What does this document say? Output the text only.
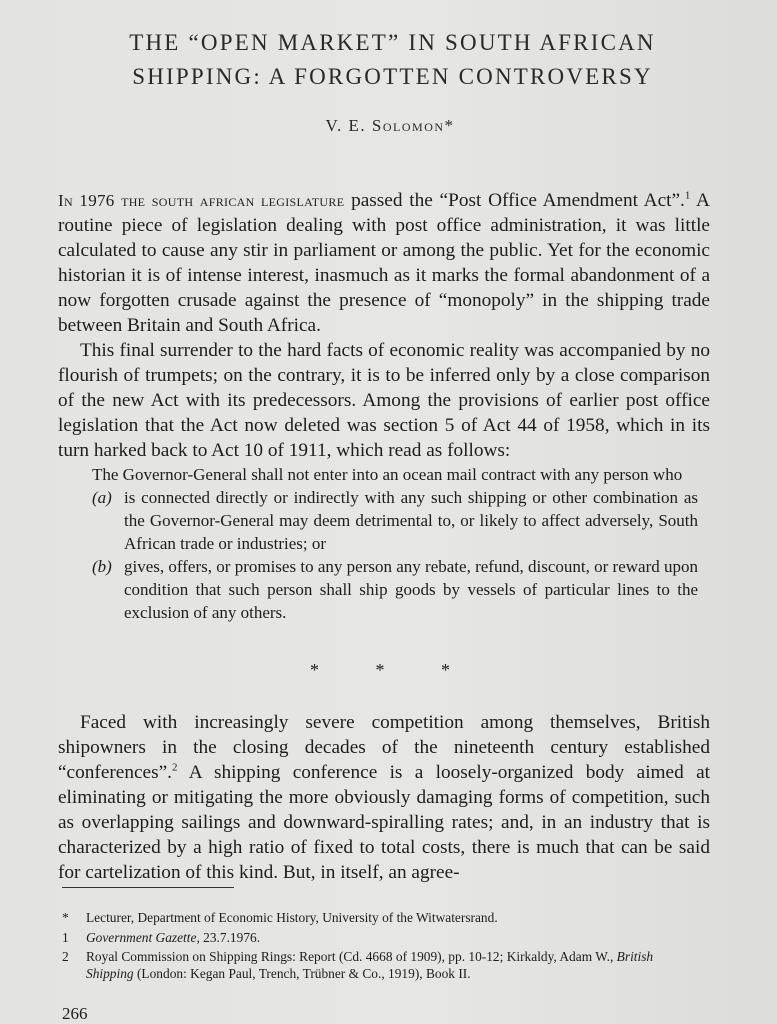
THE “OPEN MARKET” IN SOUTH AFRICAN
SHIPPING: A FORGOTTEN CONTROVERSY
V. E. Solomon*

In 1976 the south african legislature passed the “Post Office Amendment Act”.$^1$ A routine piece of legislation dealing with post office administration, it was little calculated to cause any stir in parliament or among the public. Yet for the economic historian it is of intense interest, inasmuch as it marks the formal abandonment of a now forgotten crusade against the presence of “monopoly” in the shipping trade between Britain and South Africa.

This final surrender to the hard facts of economic reality was accompanied by no flourish of trumpets; on the contrary, it is to be inferred only by a close comparison of the new Act with its predecessors. Among the provisions of earlier post office legislation that the Act now deleted was section 5 of Act 44 of 1958, which in its turn harked back to Act 10 of 1911, which read as follows:

The Governor-General shall not enter into an ocean mail contract with any person who
(a) is connected directly or indirectly with any such shipping or other combination as the Governor-General may deem detrimental to, or likely to affect adversely, South African trade or industries; or
(b) gives, offers, or promises to any person any rebate, refund, discount, or reward upon condition that such person shall ship goods by vessels of particular lines to the exclusion of any others.
*	*	*

Faced with increasingly severe competition among themselves, British shipowners in the closing decades of the nineteenth century established “conferences”.$^2$ A shipping conference is a loosely-organized body aimed at eliminating or mitigating the more obviously damaging forms of competition, such as overlapping sailings and downward-spiralling rates; and, in an industry that is characterized by a high ratio of fixed to total costs, there is much that can be said for cartelization of this kind. But, in itself, an agree-

*	Lecturer, Department of Economic History, University of the Witwatersrand.
1	Government Gazette, 23.7.1976.
2	Royal Commission on Shipping Rings: Report (Cd. 4668 of 1909), pp. 10-12; Kirkaldy, Adam W., British Shipping (London: Kegan Paul, Trench, Trübner & Co., 1919), Book II.
266
